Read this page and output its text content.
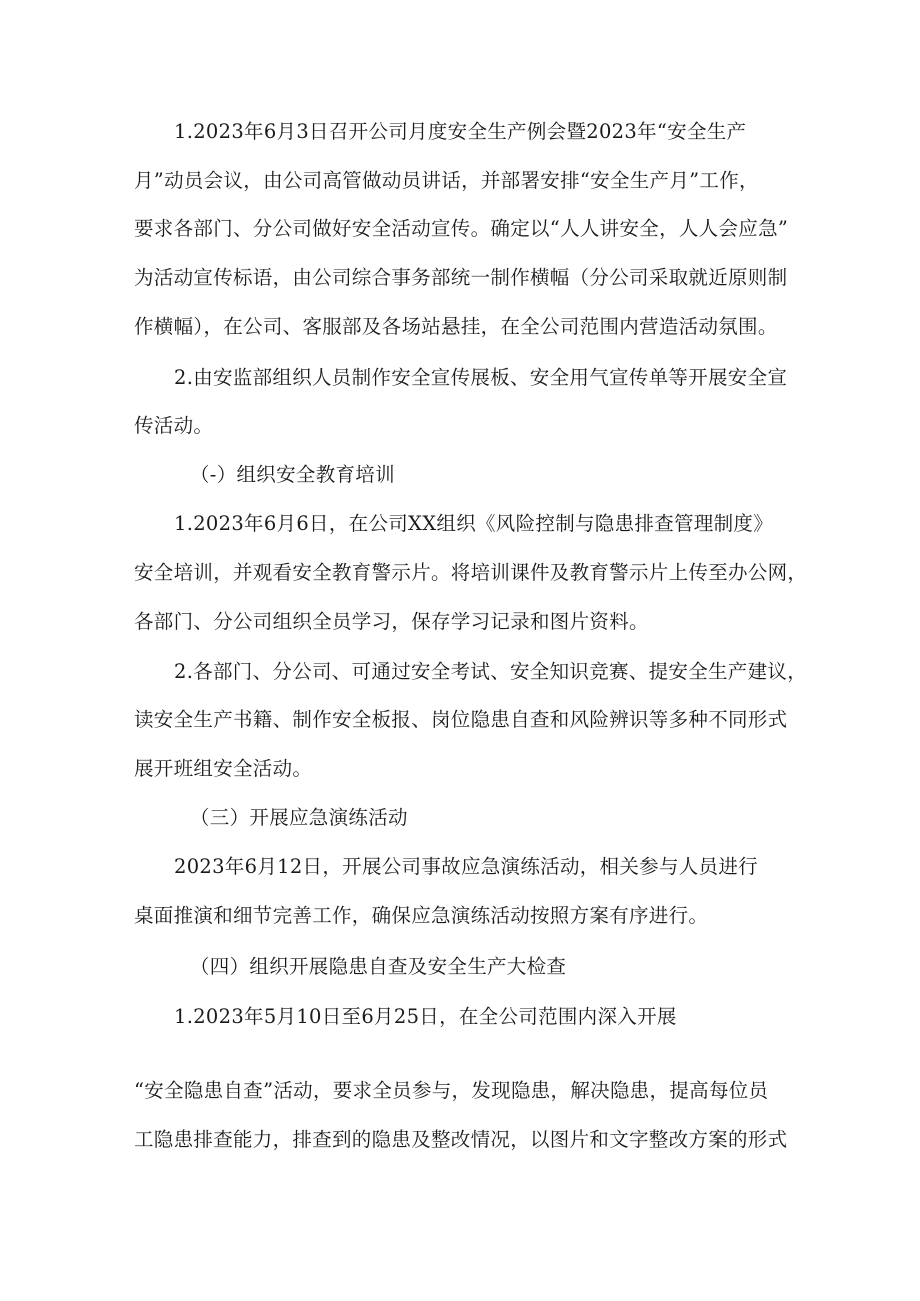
1.2023年6月3日召开公司月度安全生产例会暨2023年“安全生产
月”动员会议，由公司高管做动员讲话，并部署安排“安全生产月”工作，
要求各部门、分公司做好安全活动宣传。确定以“人人讲安全，人人会应急”
为活动宣传标语，由公司综合事务部统一制作横幅（分公司采取就近原则制
作横幅），在公司、客服部及各场站悬挂，在全公司范围内营造活动氛围。
2.由安监部组织人员制作安全宣传展板、安全用气宣传单等开展安全宣
传活动。
（-）组织安全教育培训
1.2023年6月6日，在公司XX组织《风险控制与隐患排查管理制度》
安全培训，并观看安全教育警示片。将培训课件及教育警示片上传至办公网，
各部门、分公司组织全员学习，保存学习记录和图片资料。
2.各部门、分公司、可通过安全考试、安全知识竞赛、提安全生产建议，
读安全生产书籍、制作安全板报、岗位隐患自查和风险辨识等多种不同形式
展开班组安全活动。
（三）开展应急演练活动
2023年6月12日，开展公司事故应急演练活动，相关参与人员进行
桌面推演和细节完善工作，确保应急演练活动按照方案有序进行。
（四）组织开展隐患自查及安全生产大检查
1.2023年5月10日至6月25日，在全公司范围内深入开展
“安全隐患自查”活动，要求全员参与，发现隐患，解决隐患，提高每位员
工隐患排查能力，排查到的隐患及整改情况，以图片和文字整改方案的形式
